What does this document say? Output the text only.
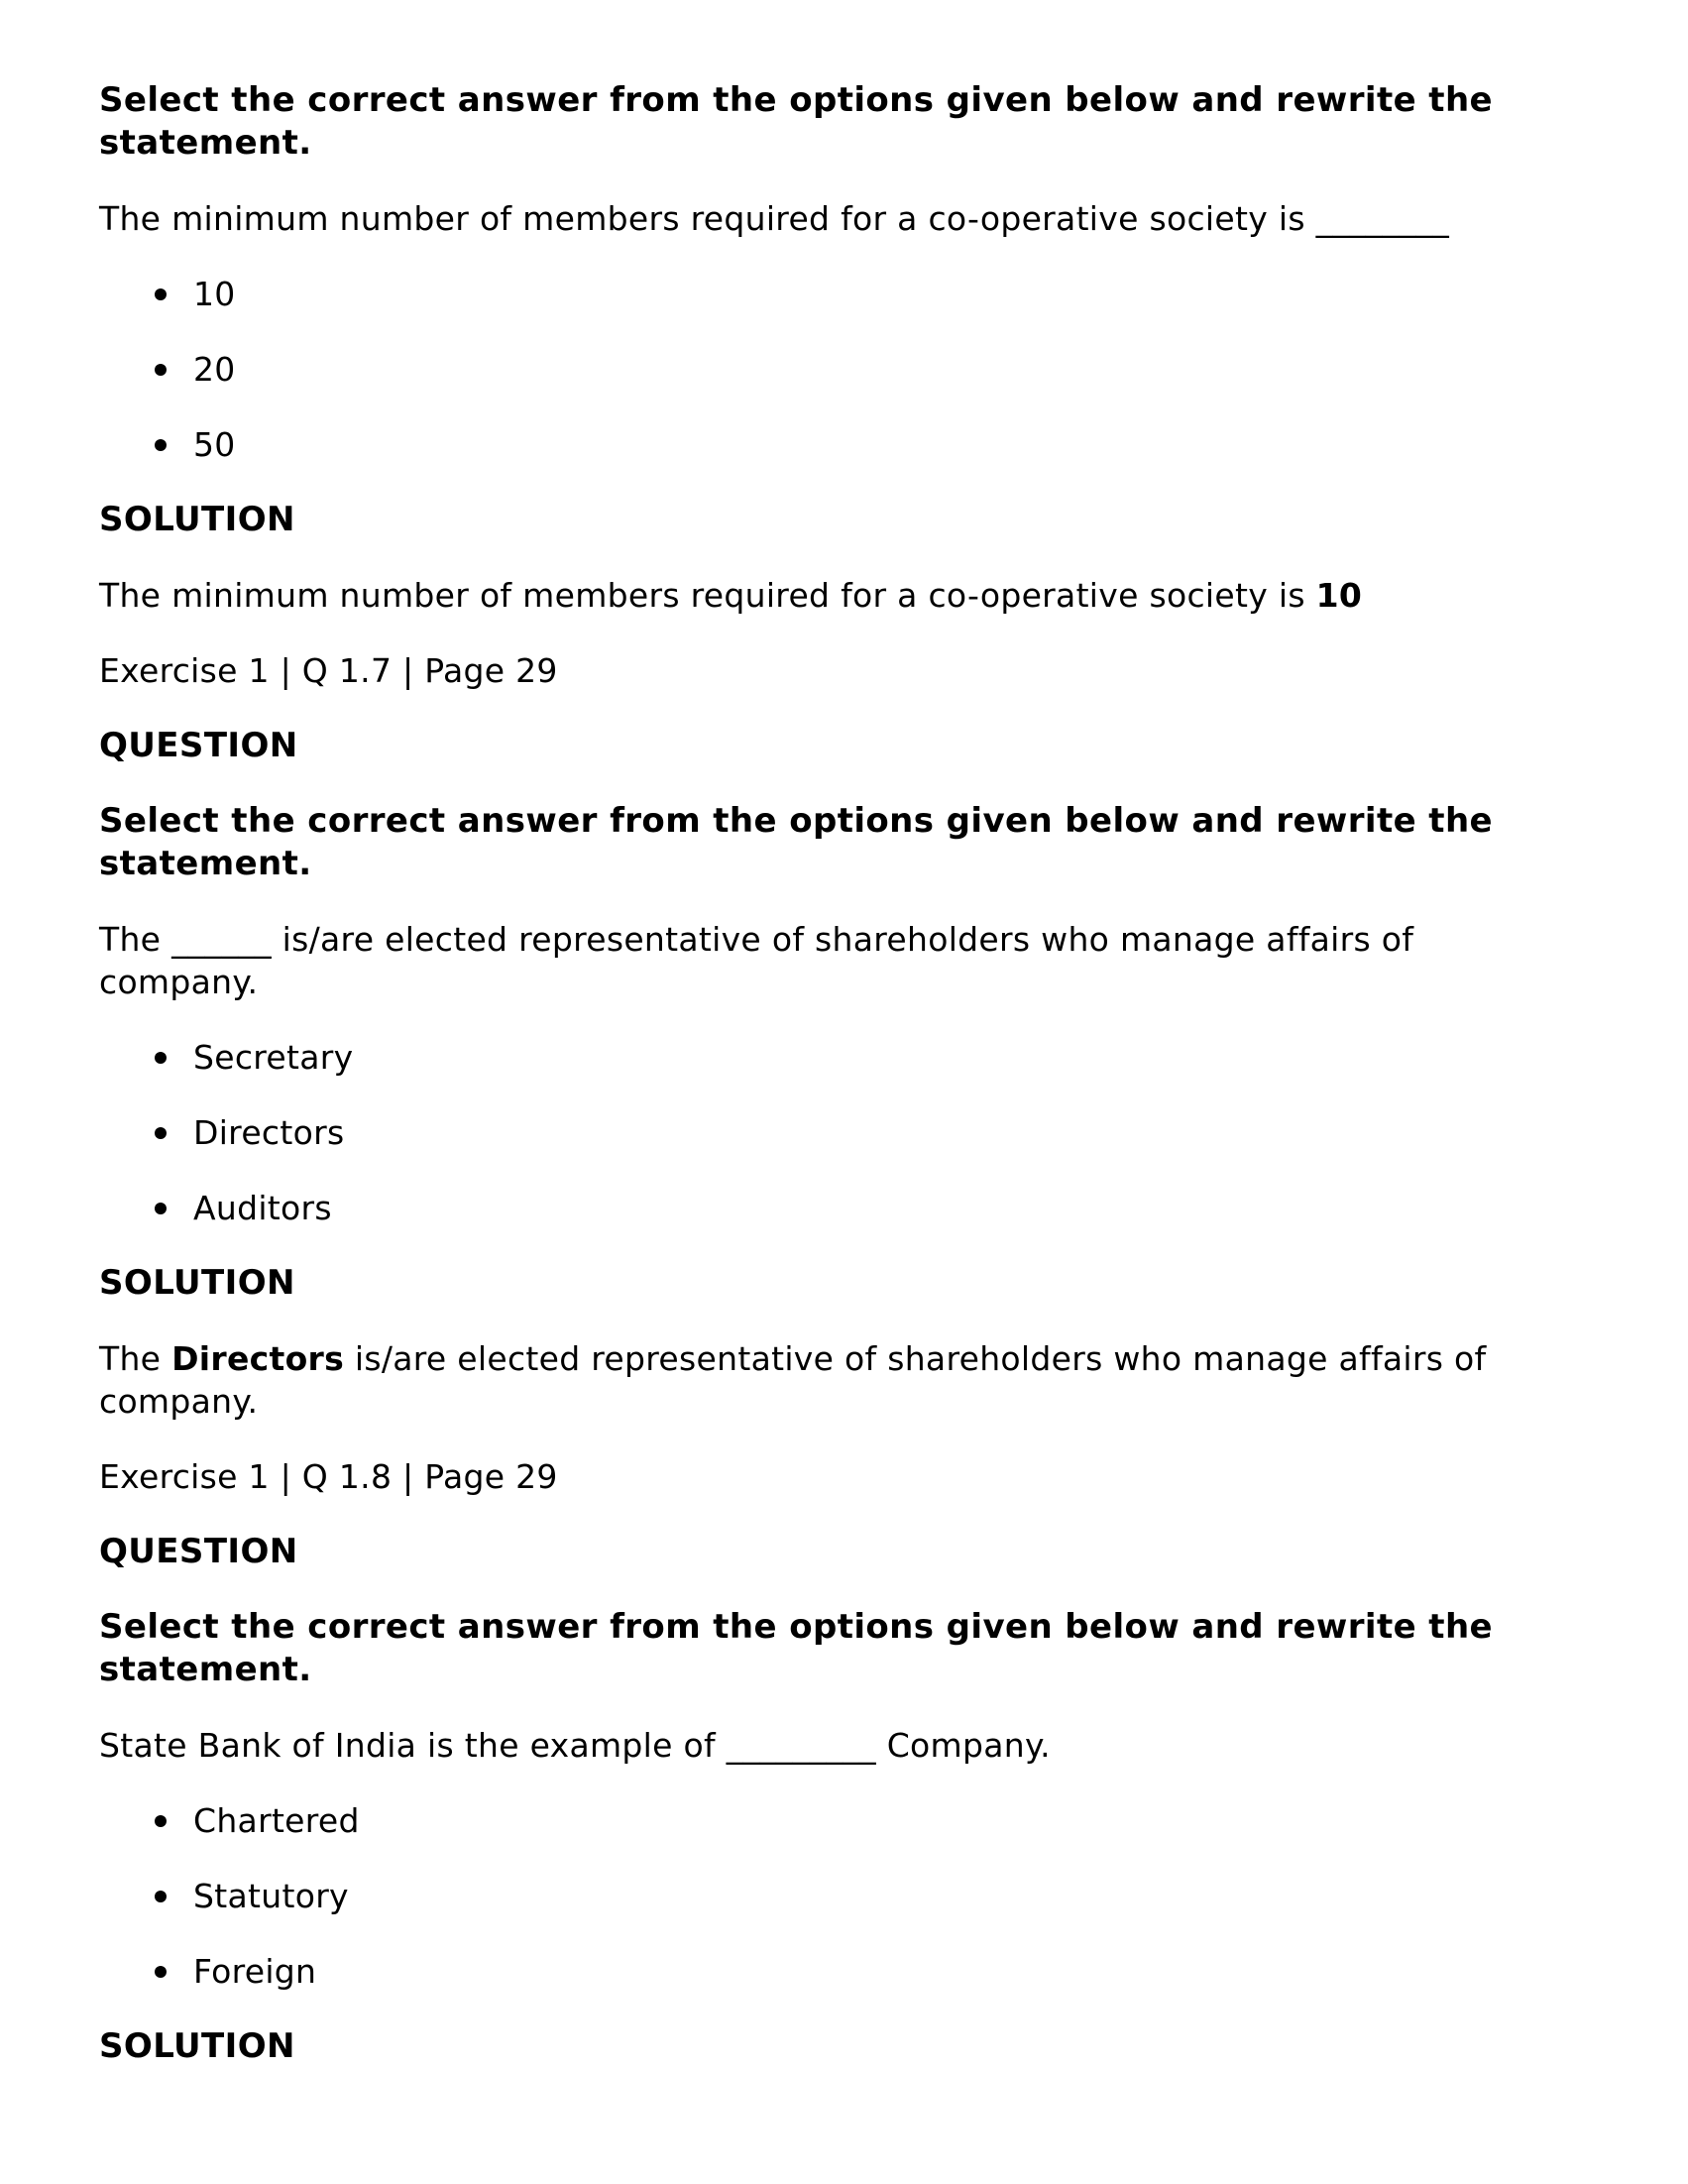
Select the correct answer from the options given below and rewrite the statement.

The minimum number of members required for a co-operative society is ________

10
20
50

SOLUTION

The minimum number of members required for a co-operative society is 10

Exercise 1 | Q 1.7 | Page 29

QUESTION

Select the correct answer from the options given below and rewrite the statement.

The ______ is/are elected representative of shareholders who manage affairs of company.

Secretary
Directors
Auditors

SOLUTION

The Directors is/are elected representative of shareholders who manage affairs of company.

Exercise 1 | Q 1.8 | Page 29

QUESTION

Select the correct answer from the options given below and rewrite the statement.

State Bank of India is the example of _________ Company.

Chartered
Statutory
Foreign

SOLUTION
